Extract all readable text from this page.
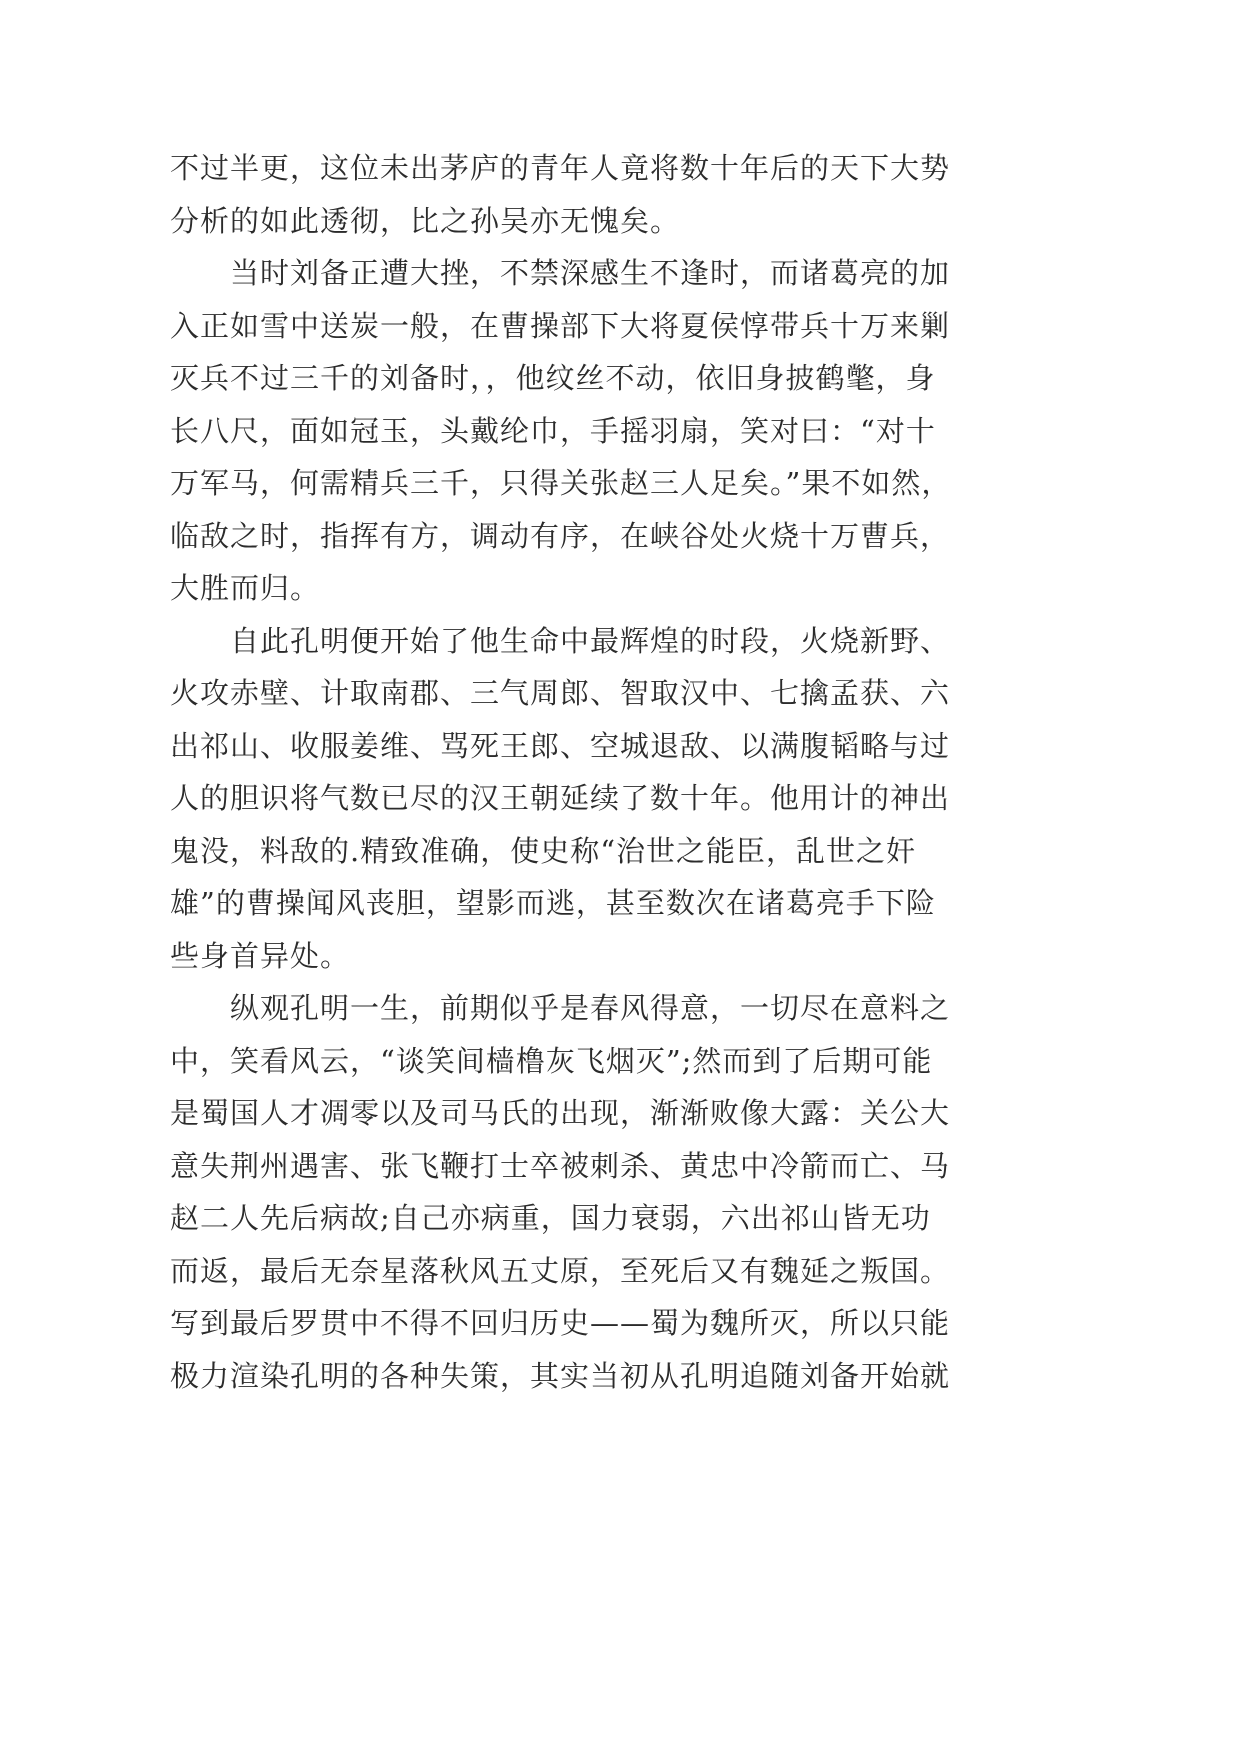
不过半更，这位未出茅庐的青年人竟将数十年后的天下大势
分析的如此透彻，比之孙吴亦无愧矣。
当时刘备正遭大挫，不禁深感生不逢时，而诸葛亮的加
入正如雪中送炭一般，在曹操部下大将夏侯惇带兵十万来剿
灭兵不过三千的刘备时，，他纹丝不动，依旧身披鹤氅，身
长八尺，面如冠玉，头戴纶巾，手摇羽扇，笑对曰：“对十
万军马，何需精兵三千，只得关张赵三人足矣。”果不如然，
临敌之时，指挥有方，调动有序，在峡谷处火烧十万曹兵，
大胜而归。
自此孔明便开始了他生命中最辉煌的时段，火烧新野、
火攻赤壁、计取南郡、三气周郎、智取汉中、七擒孟获、六
出祁山、收服姜维、骂死王郎、空城退敌、以满腹韬略与过
人的胆识将气数已尽的汉王朝延续了数十年。他用计的神出
鬼没，料敌的.精致准确，使史称“治世之能臣，乱世之奸
雄”的曹操闻风丧胆，望影而逃，甚至数次在诸葛亮手下险
些身首异处。
纵观孔明一生，前期似乎是春风得意，一切尽在意料之
中，笑看风云，“谈笑间樯橹灰飞烟灭”;然而到了后期可能
是蜀国人才凋零以及司马氏的出现，渐渐败像大露：关公大
意失荆州遇害、张飞鞭打士卒被刺杀、黄忠中冷箭而亡、马
赵二人先后病故;自己亦病重，国力衰弱，六出祁山皆无功
而返，最后无奈星落秋风五丈原，至死后又有魏延之叛国。
写到最后罗贯中不得不回归历史——蜀为魏所灭，所以只能
极力渲染孔明的各种失策，其实当初从孔明追随刘备开始就
